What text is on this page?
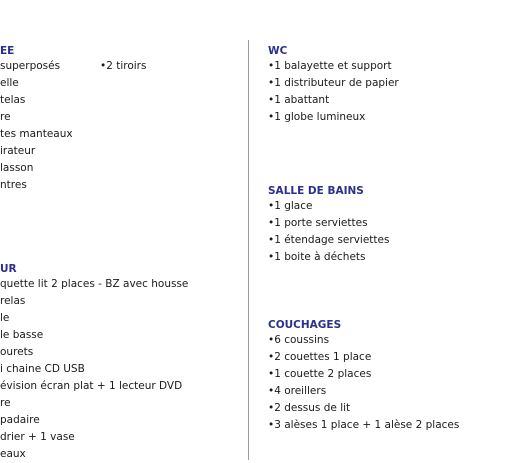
EE
superposés	•2 tiroirs
elle
telas
re
tes manteaux
irateur
lasson
ntres
UR
quette lit 2 places - BZ avec housse
relas
le
le basse
ourets
i chaine CD USB
évision écran plat + 1 lecteur DVD
re
padaire
drier + 1 vase
eaux
WC
•1 balayette et support
•1 distributeur de papier
•1 abattant
•1 globe lumineux
SALLE DE BAINS
•1 glace
•1 porte serviettes
•1 étendage serviettes
•1 boite à déchets
COUCHAGES
•6 coussins
•2 couettes 1 place
•1 couette 2 places
•4 oreillers
•2 dessus de lit
•3 alèses 1 place + 1 alèse 2 places
